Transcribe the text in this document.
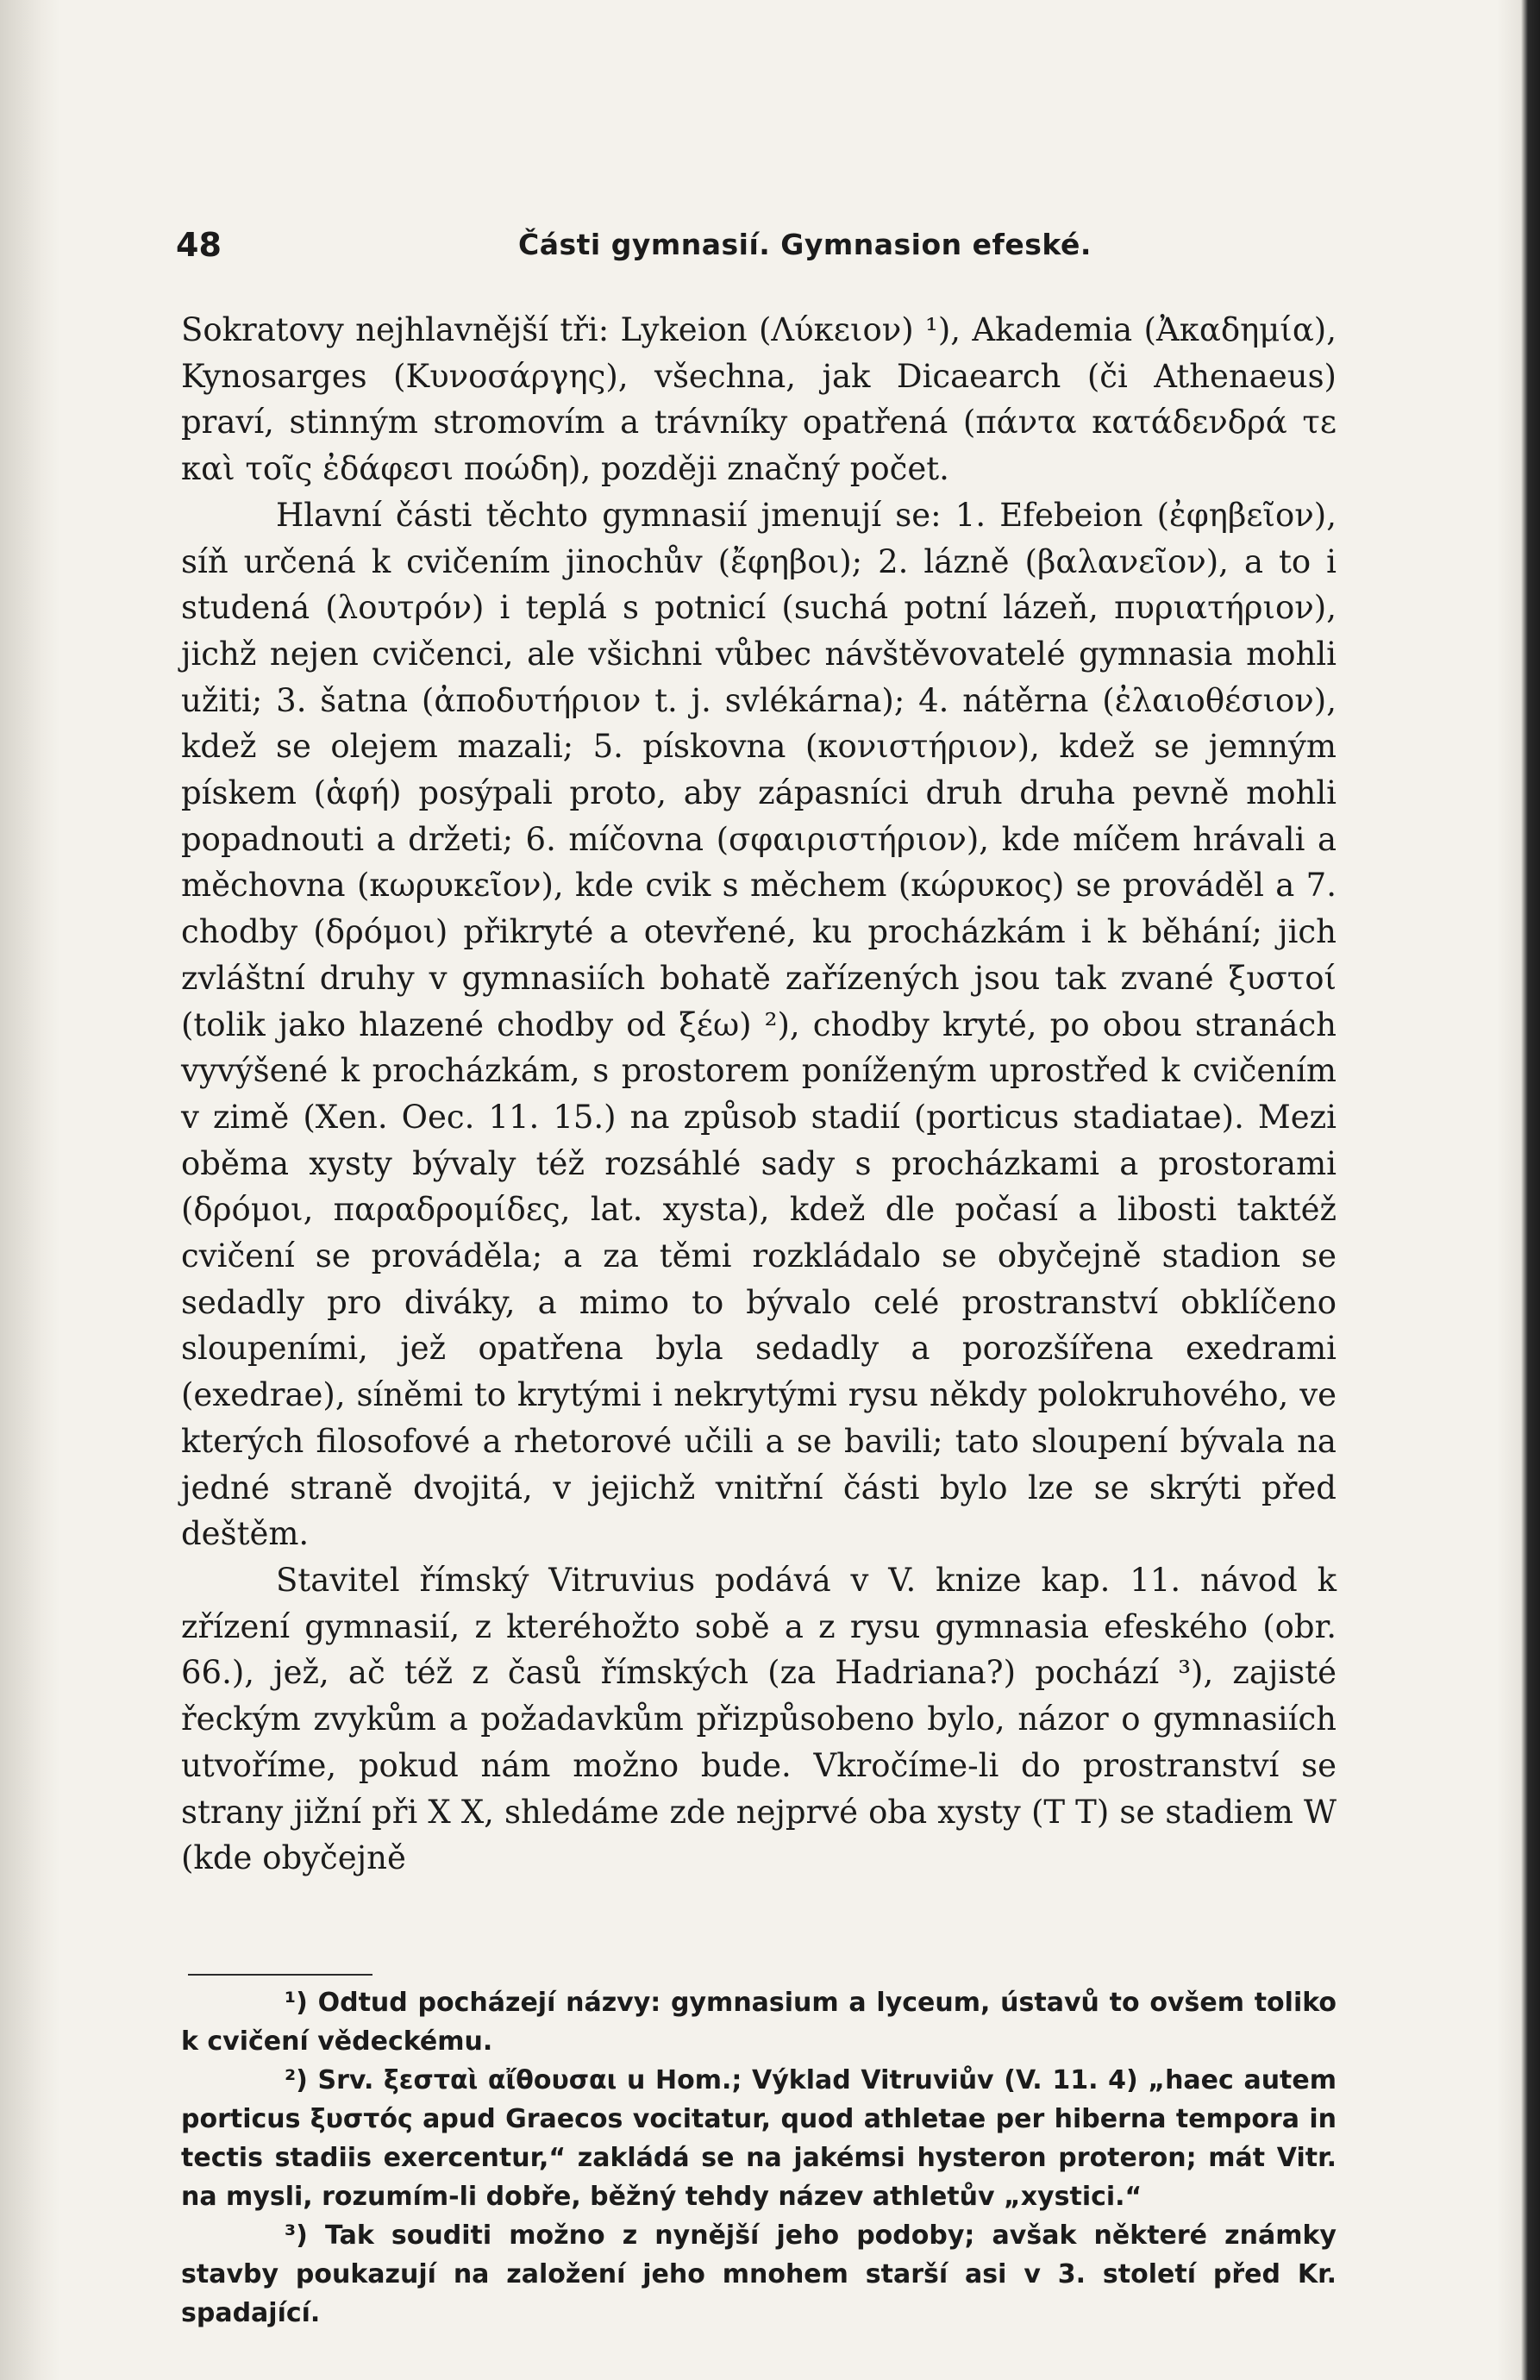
48	Části gymnasií. Gymnasion efeské.

Sokratovy nejhlavnější tři: Lykeion (Λύκειον) ¹), Akademia (Ἀκαδημία), Kynosarges (Κυνοσάργης), všechna, jak Dicaearch (či Athenaeus) praví, stinným stromovím a trávníky opatřená (πάντα κατάδενδρά τε καὶ τοῖς ἐδάφεσι ποώδη), později značný počet.

Hlavní části těchto gymnasií jmenují se: 1. Efebeion (ἐφηβεῖον), síň určená k cvičením jinochův (ἔφηβοι); 2. lázně (βαλανεῖον), a to i studená (λουτρόν) i teplá s potnicí (suchá potní lázeň, πυριατήριον), jichž nejen cvičenci, ale všichni vůbec návštěvovatelé gymnasia mohli užiti; 3. šatna (ἀποδυτήριον t. j. svlékárna); 4. nátěrna (ἐλαιοθέσιον), kdež se olejem mazali; 5. pískovna (κονιστήριον), kdež se jemným pískem (ἁφή) posýpali proto, aby zápasníci druh druha pevně mohli popadnouti a držeti; 6. míčovna (σφαιριστήριον), kde míčem hrávali a měchovna (κωρυκεῖον), kde cvik s měchem (κώρυκος) se prováděl a 7. chodby (δρόμοι) přikryté a otevřené, ku procházkám i k běhání; jich zvláštní druhy v gymnasiích bohatě zařízených jsou tak zvané ξυστοί (tolik jako hlazené chodby od ξέω) ²), chodby kryté, po obou stranách vyvýšené k procházkám, s prostorem poníženým uprostřed k cvičením v zimě (Xen. Oec. 11. 15.) na způsob stadií (porticus stadiatae). Mezi oběma xysty bývaly též rozsáhlé sady s procházkami a prostorami (δρόμοι, παραδρομίδες, lat. xysta), kdež dle počasí a libosti taktéž cvičení se prováděla; a za těmi rozkládalo se obyčejně stadion se sedadly pro diváky, a mimo to bývalo celé prostranství obklíčeno sloupeními, jež opatřena byla sedadly a porozšířena exedrami (exedrae), síněmi to krytými i nekrytými rysu někdy polokruhového, ve kterých filosofové a rhetorové učili a se bavili; tato sloupení bývala na jedné straně dvojitá, v jejichž vnitřní části bylo lze se skrýti před deštěm.

Stavitel římský Vitruvius podává v V. knize kap. 11. návod k zřízení gymnasií, z kteréhožto sobě a z rysu gymnasia efeského (obr. 66.), jež, ač též z časů římských (za Hadriana?) pochází ³), zajisté řeckým zvykům a požadavkům přizpůsobeno bylo, názor o gymnasiích utvoříme, pokud nám možno bude. Vkročíme-li do prostranství se strany jižní při X X, shledáme zde nejprvé oba xysty (T T) se stadiem W (kde obyčejně

¹) Odtud pocházejí názvy: gymnasium a lyceum, ústavů to ovšem toliko k cvičení vědeckému.

²) Srv. ξεσταὶ αἴθουσαι u Hom.; Výklad Vitruviův (V. 11. 4) „haec autem porticus ξυστός apud Graecos vocitatur, quod athletae per hiberna tempora in tectis stadiis exercentur,“ zakládá se na jakémsi hysteron proteron; mát Vitr. na mysli, rozumím-li dobře, běžný tehdy název athletův „xystici.“

³) Tak souditi možno z nynější jeho podoby; avšak některé známky stavby poukazují na založení jeho mnohem starší asi v 3. století před Kr. spadající.
